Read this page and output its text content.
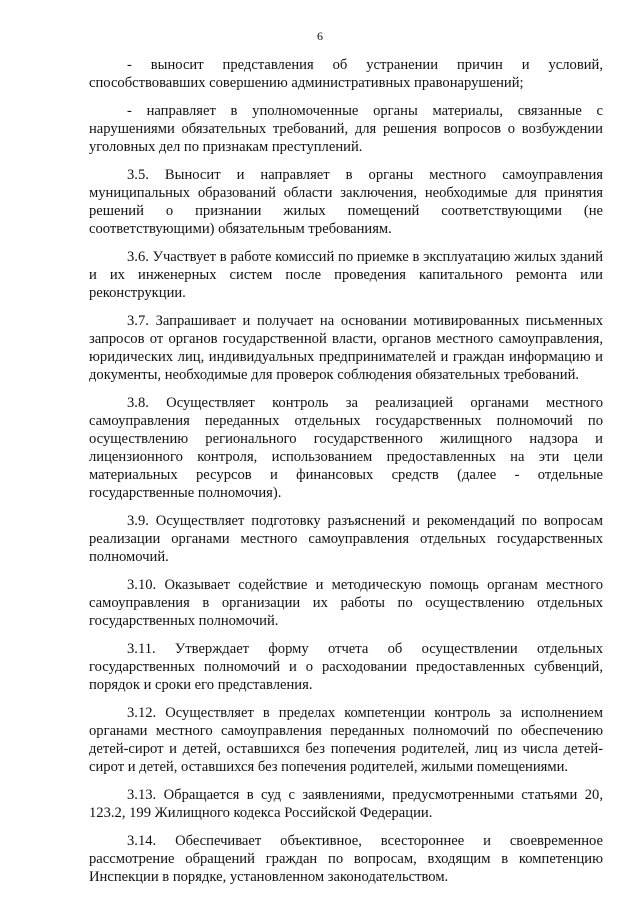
6

- выносит представления об устранении причин и условий, способствовавших совершению административных правонарушений;

- направляет в уполномоченные органы материалы, связанные с нарушениями обязательных требований, для решения вопросов о возбуждении уголовных дел по признакам преступлений.

3.5. Выносит и направляет в органы местного самоуправления муниципальных образований области заключения, необходимые для принятия решений о признании жилых помещений соответствующими (не соответствующими) обязательным требованиям.

3.6. Участвует в работе комиссий по приемке в эксплуатацию жилых зданий и их инженерных систем после проведения капитального ремонта или реконструкции.

3.7. Запрашивает и получает на основании мотивированных письменных запросов от органов государственной власти, органов местного самоуправления, юридических лиц, индивидуальных предпринимателей и граждан информацию и документы, необходимые для проверок соблюдения обязательных требований.

3.8. Осуществляет контроль за реализацией органами местного самоуправления переданных отдельных государственных полномочий по осуществлению регионального государственного жилищного надзора и лицензионного контроля, использованием предоставленных на эти цели материальных ресурсов и финансовых средств (далее - отдельные государственные полномочия).

3.9. Осуществляет подготовку разъяснений и рекомендаций по вопросам реализации органами местного самоуправления отдельных государственных полномочий.

3.10. Оказывает содействие и методическую помощь органам местного самоуправления в организации их работы по осуществлению отдельных государственных полномочий.

3.11. Утверждает форму отчета об осуществлении отдельных государственных полномочий и о расходовании предоставленных субвенций, порядок и сроки его представления.

3.12. Осуществляет в пределах компетенции контроль за исполнением органами местного самоуправления переданных полномочий по обеспечению детей-сирот и детей, оставшихся без попечения родителей, лиц из числа детей-сирот и детей, оставшихся без попечения родителей, жилыми помещениями.

3.13. Обращается в суд с заявлениями, предусмотренными статьями 20, 123.2, 199 Жилищного кодекса Российской Федерации.

3.14. Обеспечивает объективное, всестороннее и своевременное рассмотрение обращений граждан по вопросам, входящим в компетенцию Инспекции в порядке, установленном законодательством.
